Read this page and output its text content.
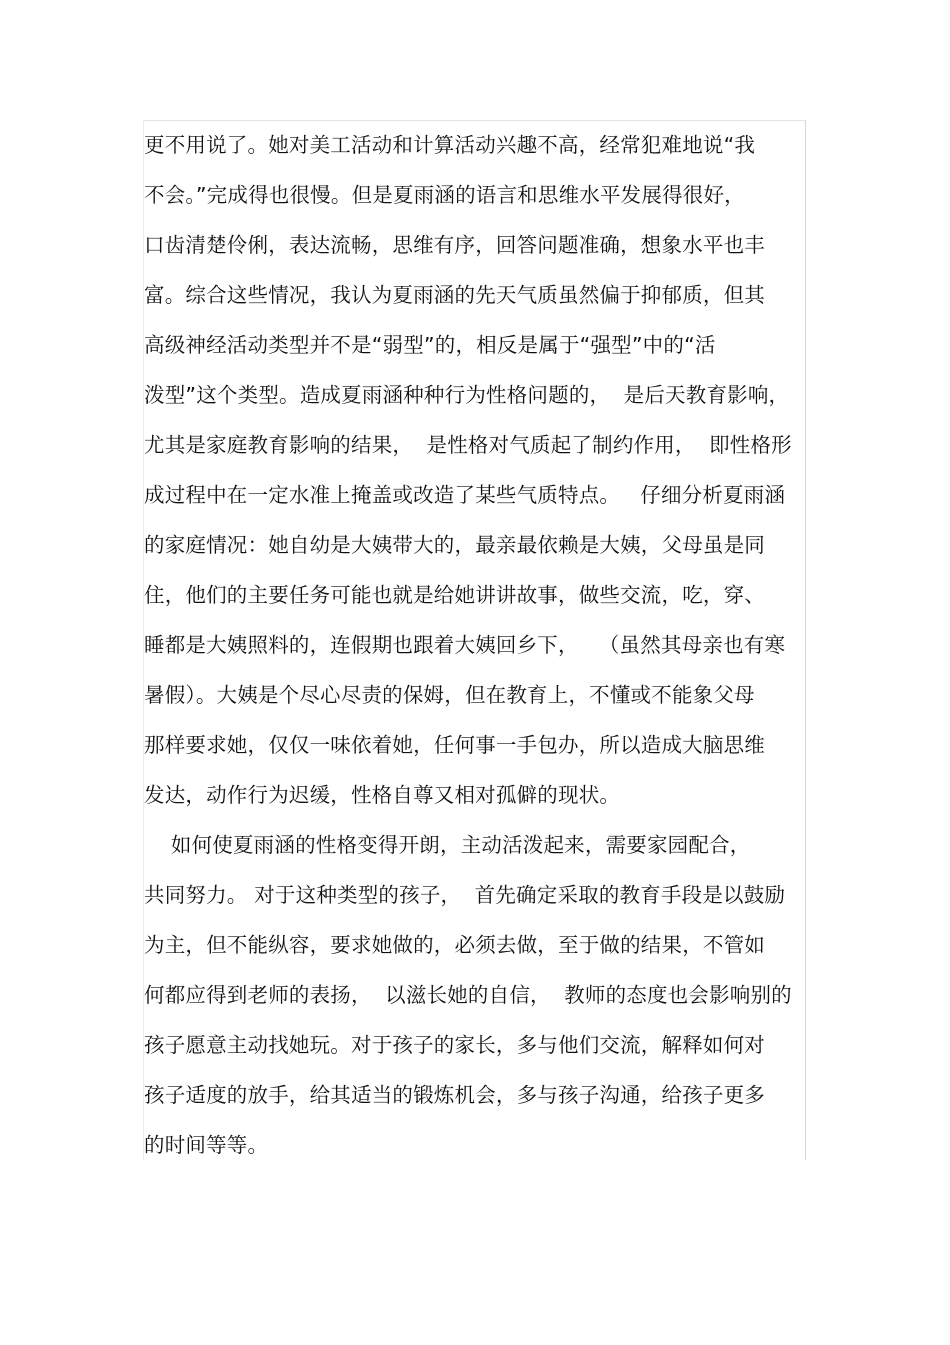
更不用说了。她对美工活动和计算活动兴趣不高，经常犯难地说“我
不会。”完成得也很慢。但是夏雨涵的语言和思维水平发展得很好，
口齿清楚伶俐，表达流畅，思维有序，回答问题准确，想象水平也丰
富。综合这些情况，我认为夏雨涵的先天气质虽然偏于抑郁质，但其
高级神经活动类型并不是“弱型”的，相反是属于“强型”中的“活
泼型”这个类型。造成夏雨涵种种行为性格问题的，  是后天教育影响，
尤其是家庭教育影响的结果，  是性格对气质起了制约作用，  即性格形
成过程中在一定水准上掩盖或改造了某些气质特点。   仔细分析夏雨涵
的家庭情况：她自幼是大姨带大的，最亲最依赖是大姨，父母虽是同
住，他们的主要任务可能也就是给她讲讲故事，做些交流，吃，穿、
睡都是大姨照料的，连假期也跟着大姨回乡下，   （虽然其母亲也有寒
暑假）。大姨是个尽心尽责的保姆，但在教育上，不懂或不能象父母
那样要求她，仅仅一味依着她，任何事一手包办，所以造成大脑思维
发达，动作行为迟缓，性格自尊又相对孤僻的现状。
如何使夏雨涵的性格变得开朗，主动活泼起来，需要家园配合，
共同努力。 对于这种类型的孩子，  首先确定采取的教育手段是以鼓励
为主，但不能纵容，要求她做的，必须去做，至于做的结果，不管如
何都应得到老师的表扬，  以滋长她的自信，  教师的态度也会影响别的
孩子愿意主动找她玩。对于孩子的家长，多与他们交流，解释如何对
孩子适度的放手，给其适当的锻炼机会，多与孩子沟通，给孩子更多
的时间等等。
